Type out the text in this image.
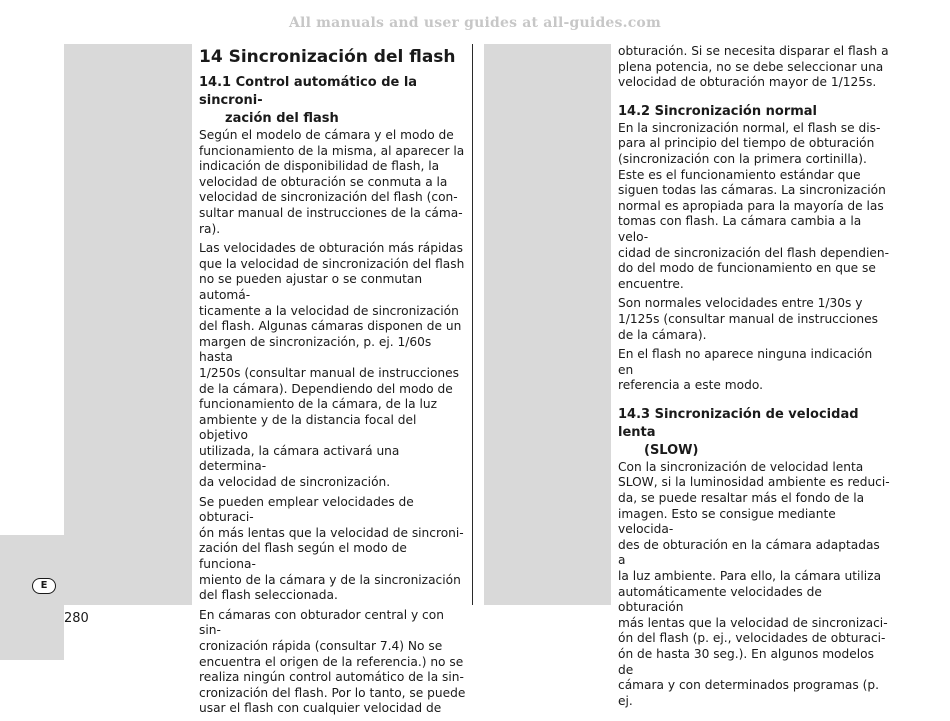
All manuals and user guides at all-guides.com
E
280
14 Sincronización del flash
14.1 Control automático de la sincroni-
zación del flash

Según el modelo de cámara y el modo de
funcionamiento de la misma, al aparecer la
indicación de disponibilidad de flash, la
velocidad de obturación se conmuta a la
velocidad de sincronización del flash (con-
sultar manual de instrucciones de la cáma-
ra).

Las velocidades de obturación más rápidas
que la velocidad de sincronización del flash
no se pueden ajustar o se conmutan automá-
ticamente a la velocidad de sincronización
del flash. Algunas cámaras disponen de un
margen de sincronización, p. ej. 1/60s hasta
1/250s (consultar manual de instrucciones
de la cámara). Dependiendo del modo de
funcionamiento de la cámara, de la luz
ambiente y de la distancia focal del objetivo
utilizada, la cámara activará una determina-
da velocidad de sincronización.

Se pueden emplear velocidades de obturaci-
ón más lentas que la velocidad de sincroni-
zación del flash según el modo de funciona-
miento de la cámara y de la sincronización
del flash seleccionada.

En cámaras con obturador central y con sin-
cronización rápida (consultar 7.4) No se
encuentra el origen de la referencia.) no se
realiza ningún control automático de la sin-
cronización del flash. Por lo tanto, se puede
usar el flash con cualquier velocidad de

obturación. Si se necesita disparar el flash a
plena potencia, no se debe seleccionar una
velocidad de obturación mayor de 1/125s.

14.2 Sincronización normal

En la sincronización normal, el flash se dis-
para al principio del tiempo de obturación
(sincronización con la primera cortinilla).
Este es el funcionamiento estándar que
siguen todas las cámaras. La sincronización
normal es apropiada para la mayoría de las
tomas con flash. La cámara cambia a la velo-
cidad de sincronización del flash dependien-
do del modo de funcionamiento en que se
encuentre.

Son normales velocidades entre 1/30s y
1/125s (consultar manual de instrucciones
de la cámara).

En el flash no aparece ninguna indicación en
referencia a este modo.

14.3 Sincronización de velocidad lenta
(SLOW)

Con la sincronización de velocidad lenta
SLOW, si la luminosidad ambiente es reduci-
da, se puede resaltar más el fondo de la
imagen. Esto se consigue mediante velocida-
des de obturación en la cámara adaptadas a
la luz ambiente. Para ello, la cámara utiliza
automáticamente velocidades de obturación
más lentas que la velocidad de sincronizaci-
ón del flash (p. ej., velocidades de obturaci-
ón de hasta 30 seg.). En algunos modelos de
cámara y con determinados programas (p. ej.
